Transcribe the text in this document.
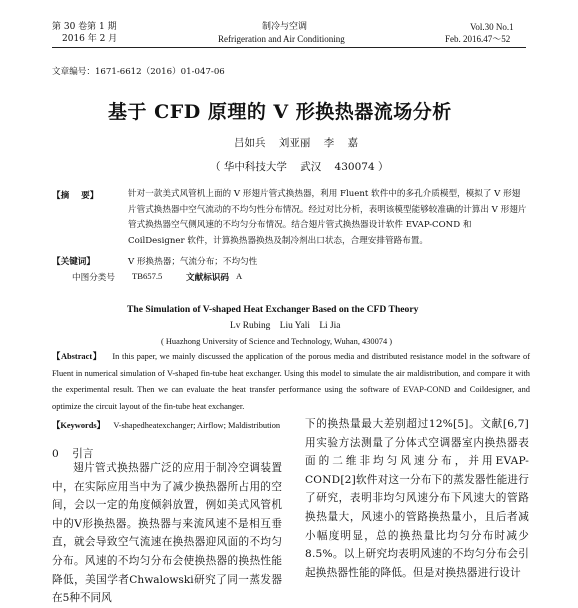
第 30 卷第 1 期
2016 年 2 月
制冷与空调
Refrigeration and Air Conditioning
Vol.30 No.1
Feb. 2016.47～52
文章编号：1671-6612（2016）01-047-06
基于 CFD 原理的 V 形换热器流场分析
吕如兵    刘亚丽    李    嘉
（ 华中科技大学    武汉    430074 ）
【摘    要】	针对一款美式风管机上面的 V 形翅片管式换热器，利用 Fluent 软件中的多孔介质模型，模拟了 V 形翅片管式换热器中空气流动的不均匀性分布情况。经过对比分析，表明该模型能够较准确的计算出 V 形翅片管式换热器空气侧风速的不均匀分布情况。结合翅片管式换热器设计软件 EVAP-COND 和 CoilDesigner 软件，计算换热器换热及制冷剂出口状态，合理安排管路布置。
【关键词】	V 形换热器；气流分布；不均匀性
中图分类号 TB657.5	文献标识码 A
The Simulation of V-shaped Heat Exchanger Based on the CFD Theory
Lv Rubing    Liu Yali    Li Jia
( Huazhong University of Science and Technology, Wuhan, 430074 )
【Abstract】 In this paper, we mainly discussed the application of the porous media and distributed resistance model in the software of Fluent in numerical simulation of V-shaped fin-tube heat exchanger. Using this model to simulate the air maldistribution, and compare it with the experimental result. Then we can evaluate the heat transfer performance using the software of EVAP-COND and Coildesigner, and optimize the circuit layout of the fin-tube heat exchanger.
【Keywords】 V-shapedheatexchanger; Airflow; Maldistribution
0    引言
翅片管式换热器广泛的应用于制冷空调装置中，在实际应用当中为了减少换热器所占用的空间，会以一定的角度倾斜放置，例如美式风管机中的V形换热器。换热器与来流风速不是相互垂直，就会导致空气流速在换热器迎风面的不均匀分布。风速的不均匀分布会使换热器的换热性能降低，美国学者Chwalowski研究了同一蒸发器在5种不同风
下的换热量最大差别超过12%[5]。文献[6,7]用实验方法测量了分体式空调器室内换热器表面的二维非均匀风速分布，并用EVAP-COND[2]软件对这一分布下的蒸发器性能进行了研究，表明非均匀风速分布下风速大的管路换热量大，风速小的管路换热量小，且后者减小幅度明显，总的换热量比均匀分布时减少8.5%。以上研究均表明风速的不均匀分布会引起换热器性能的降低。但是对换热器进行设计
